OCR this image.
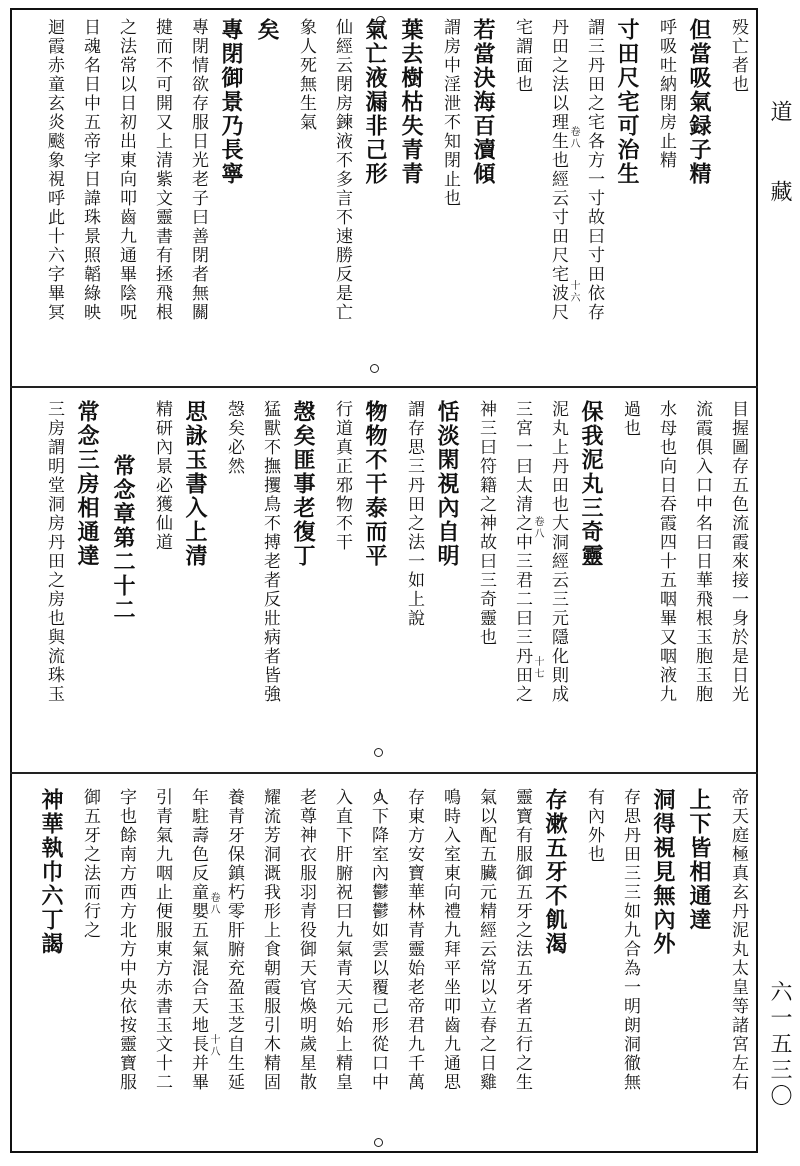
道
藏
六一五三〇
殁亡者也
但當吸氣録子精
呼吸吐納閉房止精
寸田尺宅可治生
謂三丹田之宅各方一寸故曰寸田依存
丹田之法以理生也經云寸田尺宅波尺
宅謂面也
若當決海百瀆傾
謂房中淫泄不知閉止也
葉去樹枯失青青
氣亡液漏非己形
仙經云閉房鍊液不多言不速勝反是亡
象人死無生氣
矣
專閉御景乃長寧
專閉情欲存服日光老子曰善閉者無關
揵而不可開又上清紫文靈書有拯飛根
之法常以日初出東向叩齒九通畢陰呪
日魂名日中五帝字日諱珠景照韜綠映
迴霞赤童玄炎颷象視呼此十六字畢冥	卷八
十六
目握圖存五色流霞來接一身於是日光
流霞俱入口中名曰日華飛根玉胞玉胞
水母也向日吞霞四十五咽畢又咽液九
過也
保我泥丸三奇靈
泥丸上丹田也大洞經云三元隱化則成
三宮一曰太清之中三君二曰三丹田之
神三曰符籍之神故曰三奇靈也
恬淡閑視內自明
謂存思三丹田之法一如上說
物物不干泰而平
行道真正邪物不干
愨矣匪事老復丁
猛獸不撫攫鳥不搏老者反壯病者皆強
愨矣必然
思詠玉書入上清
精研內景必獲仙道
常念章第二十二
常念三房相通達
三房謂明堂洞房丹田之房也與流珠玉	卷八
十七
帝天庭極真玄丹泥丸太皇等諸宮左右
上下皆相通達
洞得視見無內外
存思丹田三三如九合為一明朗洞徹無
有內外也
存漱五牙不飢渴
靈寶有服御五牙之法五牙者五行之生
氣以配五臟元精經云常以立春之日雞
鳴時入室東向禮九拜平坐叩齒九通思
存東方安寶華林青靈始老帝君九千萬
人下降室內鬱鬱如雲以覆己形從口中
入直下肝腑祝曰九氣青天元始上精皇
老尊神衣服羽青役御天官煥明歲星散
耀流芳洞溉我形上食朝霞服引木精固
養青牙保鎮朽零肝腑充盈玉芝自生延
年駐壽色反童嬰五氣混合天地長并畢
引青氣九咽止便服東方赤書玉文十二
字也餘南方西方北方中央依按靈寶服
御五牙之法而行之
神華執巾六丁謁	卷八
十八
